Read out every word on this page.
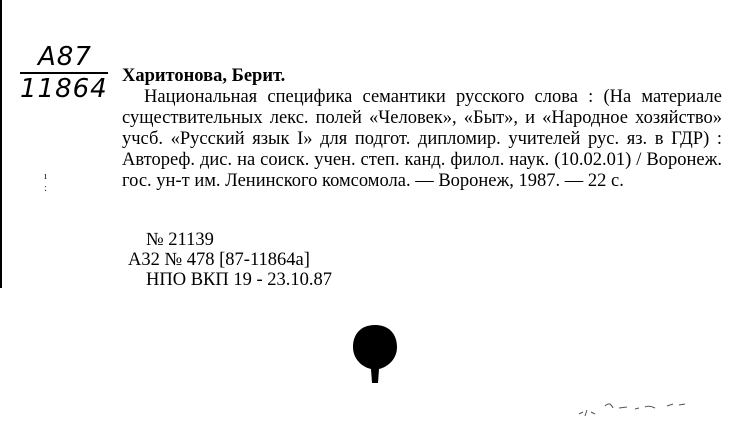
A87
11864
ı
:
Харитонова, Берит.
Национальная специфика семантики русского слова : (На материале существительных лекс. полей «Человек», «Быт», и «Народное хозяйство» учсб. «Русский язык I» для подгот. дипломир. учителей рус. яз. в ГДР) : Автореф. дис. на соиск. учен. степ. канд. филол. наук. (10.02.01) / Воронеж. гос. ун-т им. Ленинского комсомола. — Воронеж, 1987. — 22 с.
№ 21139
А32 № 478 [87-11864а]
НПО ВКП 19 - 23.10.87
